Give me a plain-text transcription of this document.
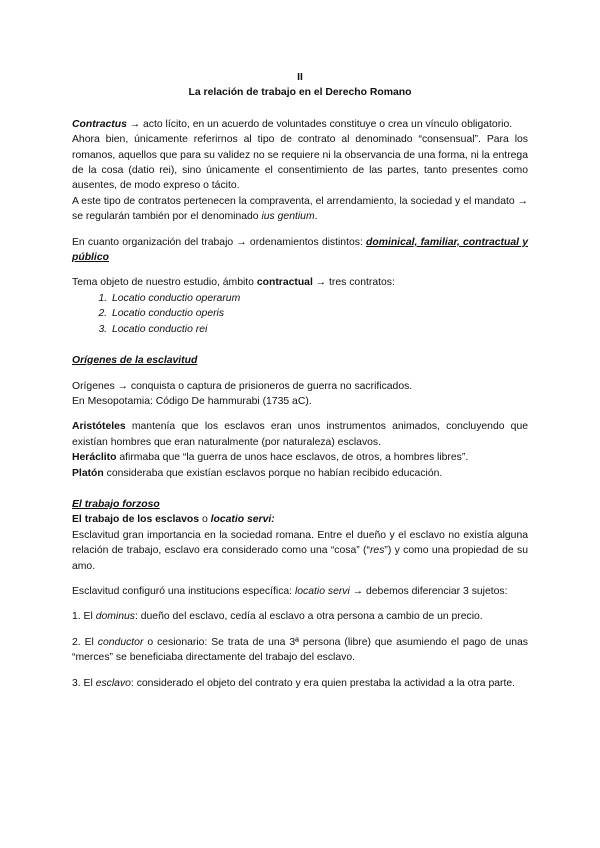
II

La relación de trabajo en el Derecho Romano

Contractus → acto lícito, en un acuerdo de voluntades constituye o crea un vínculo obligatorio.

Ahora bien, únicamente referirnos al tipo de contrato al denominado “consensual”. Para los romanos, aquellos que para su validez no se requiere ni la observancia de una forma, ni la entrega de la cosa (datio rei), sino únicamente el consentimiento de las partes, tanto presentes como ausentes, de modo expreso o tácito.

A este tipo de contratos pertenecen la compraventa, el arrendamiento, la sociedad y el mandato → se regularán también por el denominado ius gentium.

En cuanto organización del trabajo → ordenamientos distintos: dominical, familiar, contractual y público

Tema objeto de nuestro estudio, ámbito contractual → tres contratos:

1. Locatio conductio operarum
2. Locatio conductio operis
3. Locatio conductio rei

Orígenes de la esclavitud

Orígenes → conquista o captura de prisioneros de guerra no sacrificados.

En Mesopotamia: Código De hammurabi (1735 aC).

Aristóteles mantenía que los esclavos eran unos instrumentos animados, concluyendo que existían hombres que eran naturalmente (por naturaleza) esclavos.

Heráclito afirmaba que “la guerra de unos hace esclavos, de otros, a hombres libres”.

Platón consideraba que existían esclavos porque no habían recibido educación.

El trabajo forzoso

El trabajo de los esclavos o locatio servi:

Esclavitud gran importancia en la sociedad romana. Entre el dueño y el esclavo no existía alguna relación de trabajo, esclavo era considerado como una “cosa” (“res”) y como una propiedad de su amo.

Esclavitud configuró una institucions específica: locatio servi → debemos diferenciar 3 sujetos:

1. El dominus: dueño del esclavo, cedía al esclavo a otra persona a cambio de un precio.

2. El conductor o cesionario: Se trata de una 3ª persona (libre) que asumiendo el pago de unas “merces” se beneficiaba directamente del trabajo del esclavo.

3. El esclavo: considerado el objeto del contrato y era quien prestaba la actividad a la otra parte.
